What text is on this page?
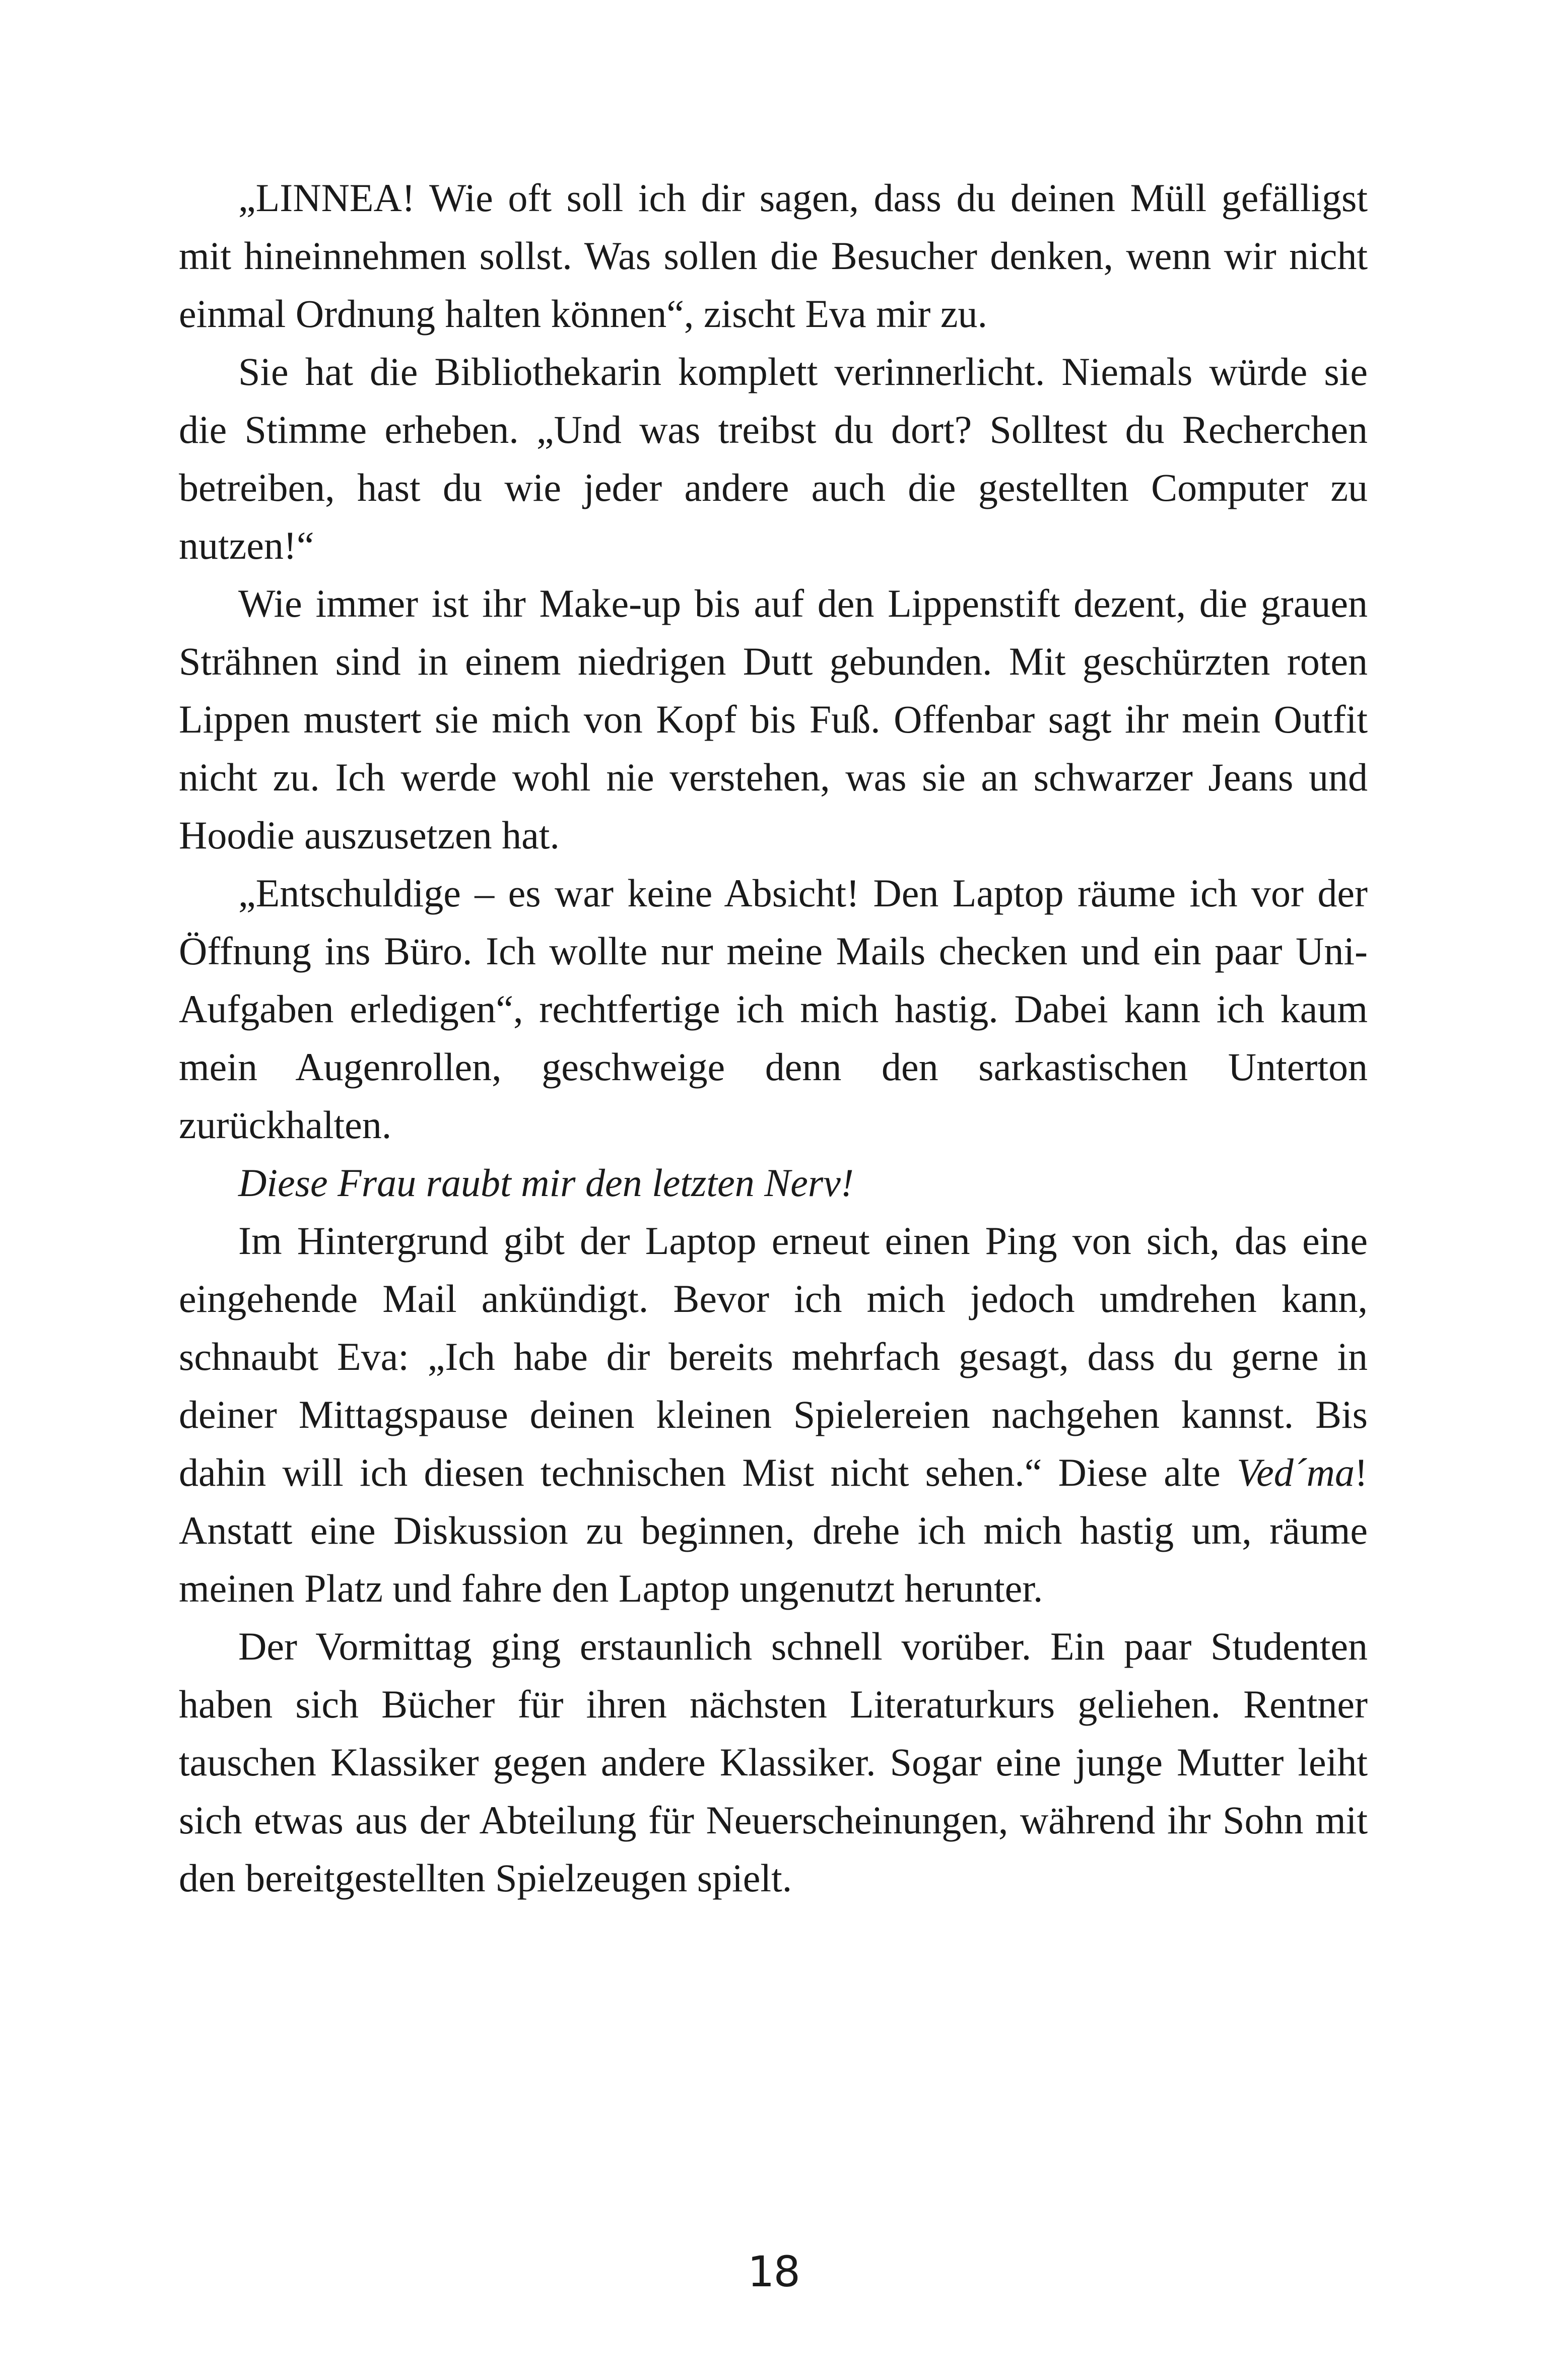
„LINNEA! Wie oft soll ich dir sagen, dass du deinen Müll gefälligst mit hineinnehmen sollst. Was sollen die Besucher denken, wenn wir nicht einmal Ordnung halten können“, zischt Eva mir zu.

Sie hat die Bibliothekarin komplett verinnerlicht. Niemals würde sie die Stimme erheben. „Und was treibst du dort? Solltest du Recherchen betreiben, hast du wie jeder andere auch die gestellten Computer zu nutzen!“

Wie immer ist ihr Make-up bis auf den Lippenstift dezent, die grauen Strähnen sind in einem niedrigen Dutt gebunden. Mit geschürzten roten Lippen mustert sie mich von Kopf bis Fuß. Offenbar sagt ihr mein Outfit nicht zu. Ich werde wohl nie verstehen, was sie an schwarzer Jeans und Hoodie auszusetzen hat.

„Entschuldige – es war keine Absicht! Den Laptop räume ich vor der Öffnung ins Büro. Ich wollte nur meine Mails checken und ein paar Uni-Aufgaben erledigen“, rechtfertige ich mich hastig. Dabei kann ich kaum mein Augenrollen, geschweige denn den sarkastischen Unterton zurückhalten.

Diese Frau raubt mir den letzten Nerv!

Im Hintergrund gibt der Laptop erneut einen Ping von sich, das eine eingehende Mail ankündigt. Bevor ich mich jedoch umdrehen kann, schnaubt Eva: „Ich habe dir bereits mehrfach gesagt, dass du gerne in deiner Mittagspause deinen kleinen Spielereien nachgehen kannst. Bis dahin will ich diesen technischen Mist nicht sehen.“ Diese alte Ved´ma! Anstatt eine Diskussion zu beginnen, drehe ich mich hastig um, räume meinen Platz und fahre den Laptop ungenutzt herunter.

Der Vormittag ging erstaunlich schnell vorüber. Ein paar Studenten haben sich Bücher für ihren nächsten Literaturkurs geliehen. Rentner tauschen Klassiker gegen andere Klassiker. Sogar eine junge Mutter leiht sich etwas aus der Abteilung für Neuerscheinungen, während ihr Sohn mit den bereitgestellten Spielzeugen spielt.

18
